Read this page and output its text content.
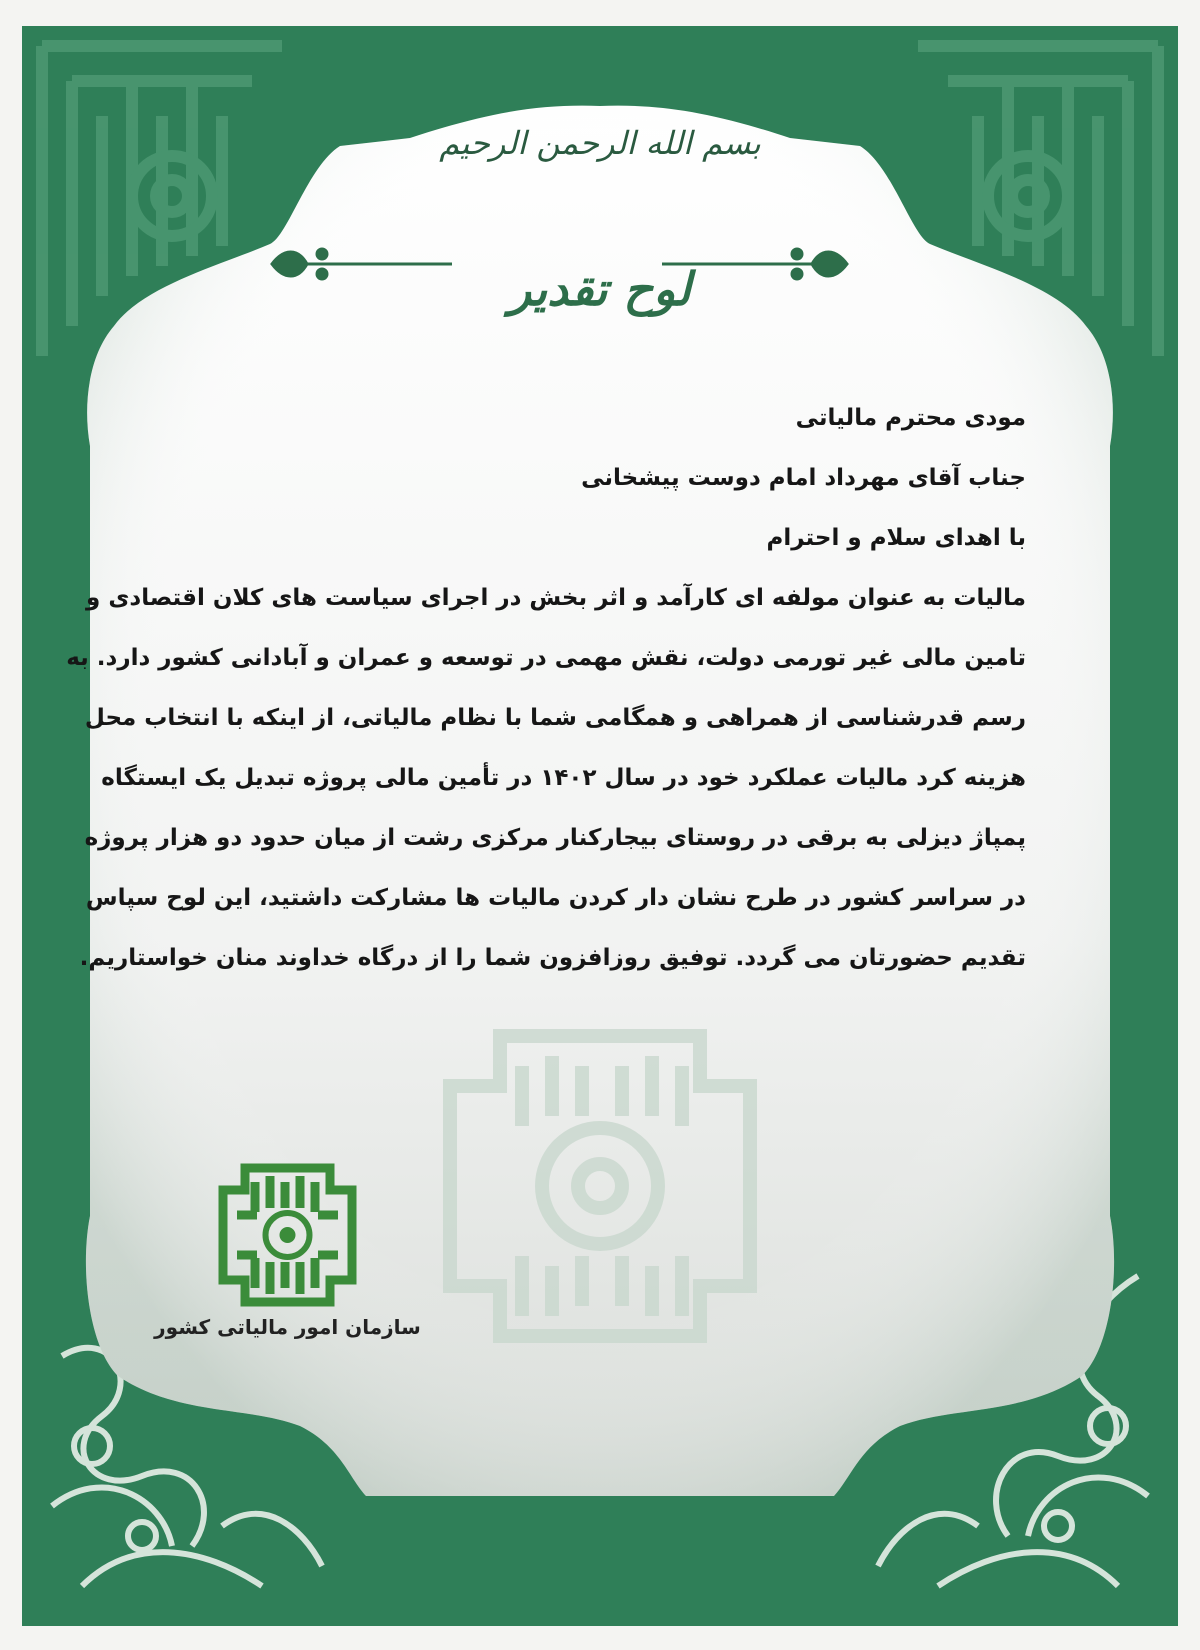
بسم الله الرحمن الرحيم
لوح تقدير
مودی محترم مالیاتی
جناب آقای مهرداد امام دوست پیشخانی
با اهدای سلام و احترام
مالیات به عنوان مولفه ای کارآمد و اثر بخش در اجرای سیاست های کلان اقتصادی و
تامین مالی غیر تورمی دولت، نقش مهمی در توسعه و عمران و آبادانی کشور دارد. به
رسم قدرشناسی از همراهی و همگامی شما با نظام مالیاتی، از اینکه با انتخاب محل
هزینه کرد مالیات عملکرد خود در سال ۱۴۰۲ در تأمین مالی پروژه تبدیل یک ایستگاه
پمپاژ دیزلی به برقی در روستای بیجارکنار مرکزی رشت از میان حدود دو هزار پروژه
در سراسر کشور در طرح نشان دار کردن مالیات ها مشارکت داشتید، این لوح سپاس
تقدیم حضورتان می گردد. توفیق روزافزون شما را از درگاه خداوند منان خواستاریم.
سازمان امور مالیاتی کشور
